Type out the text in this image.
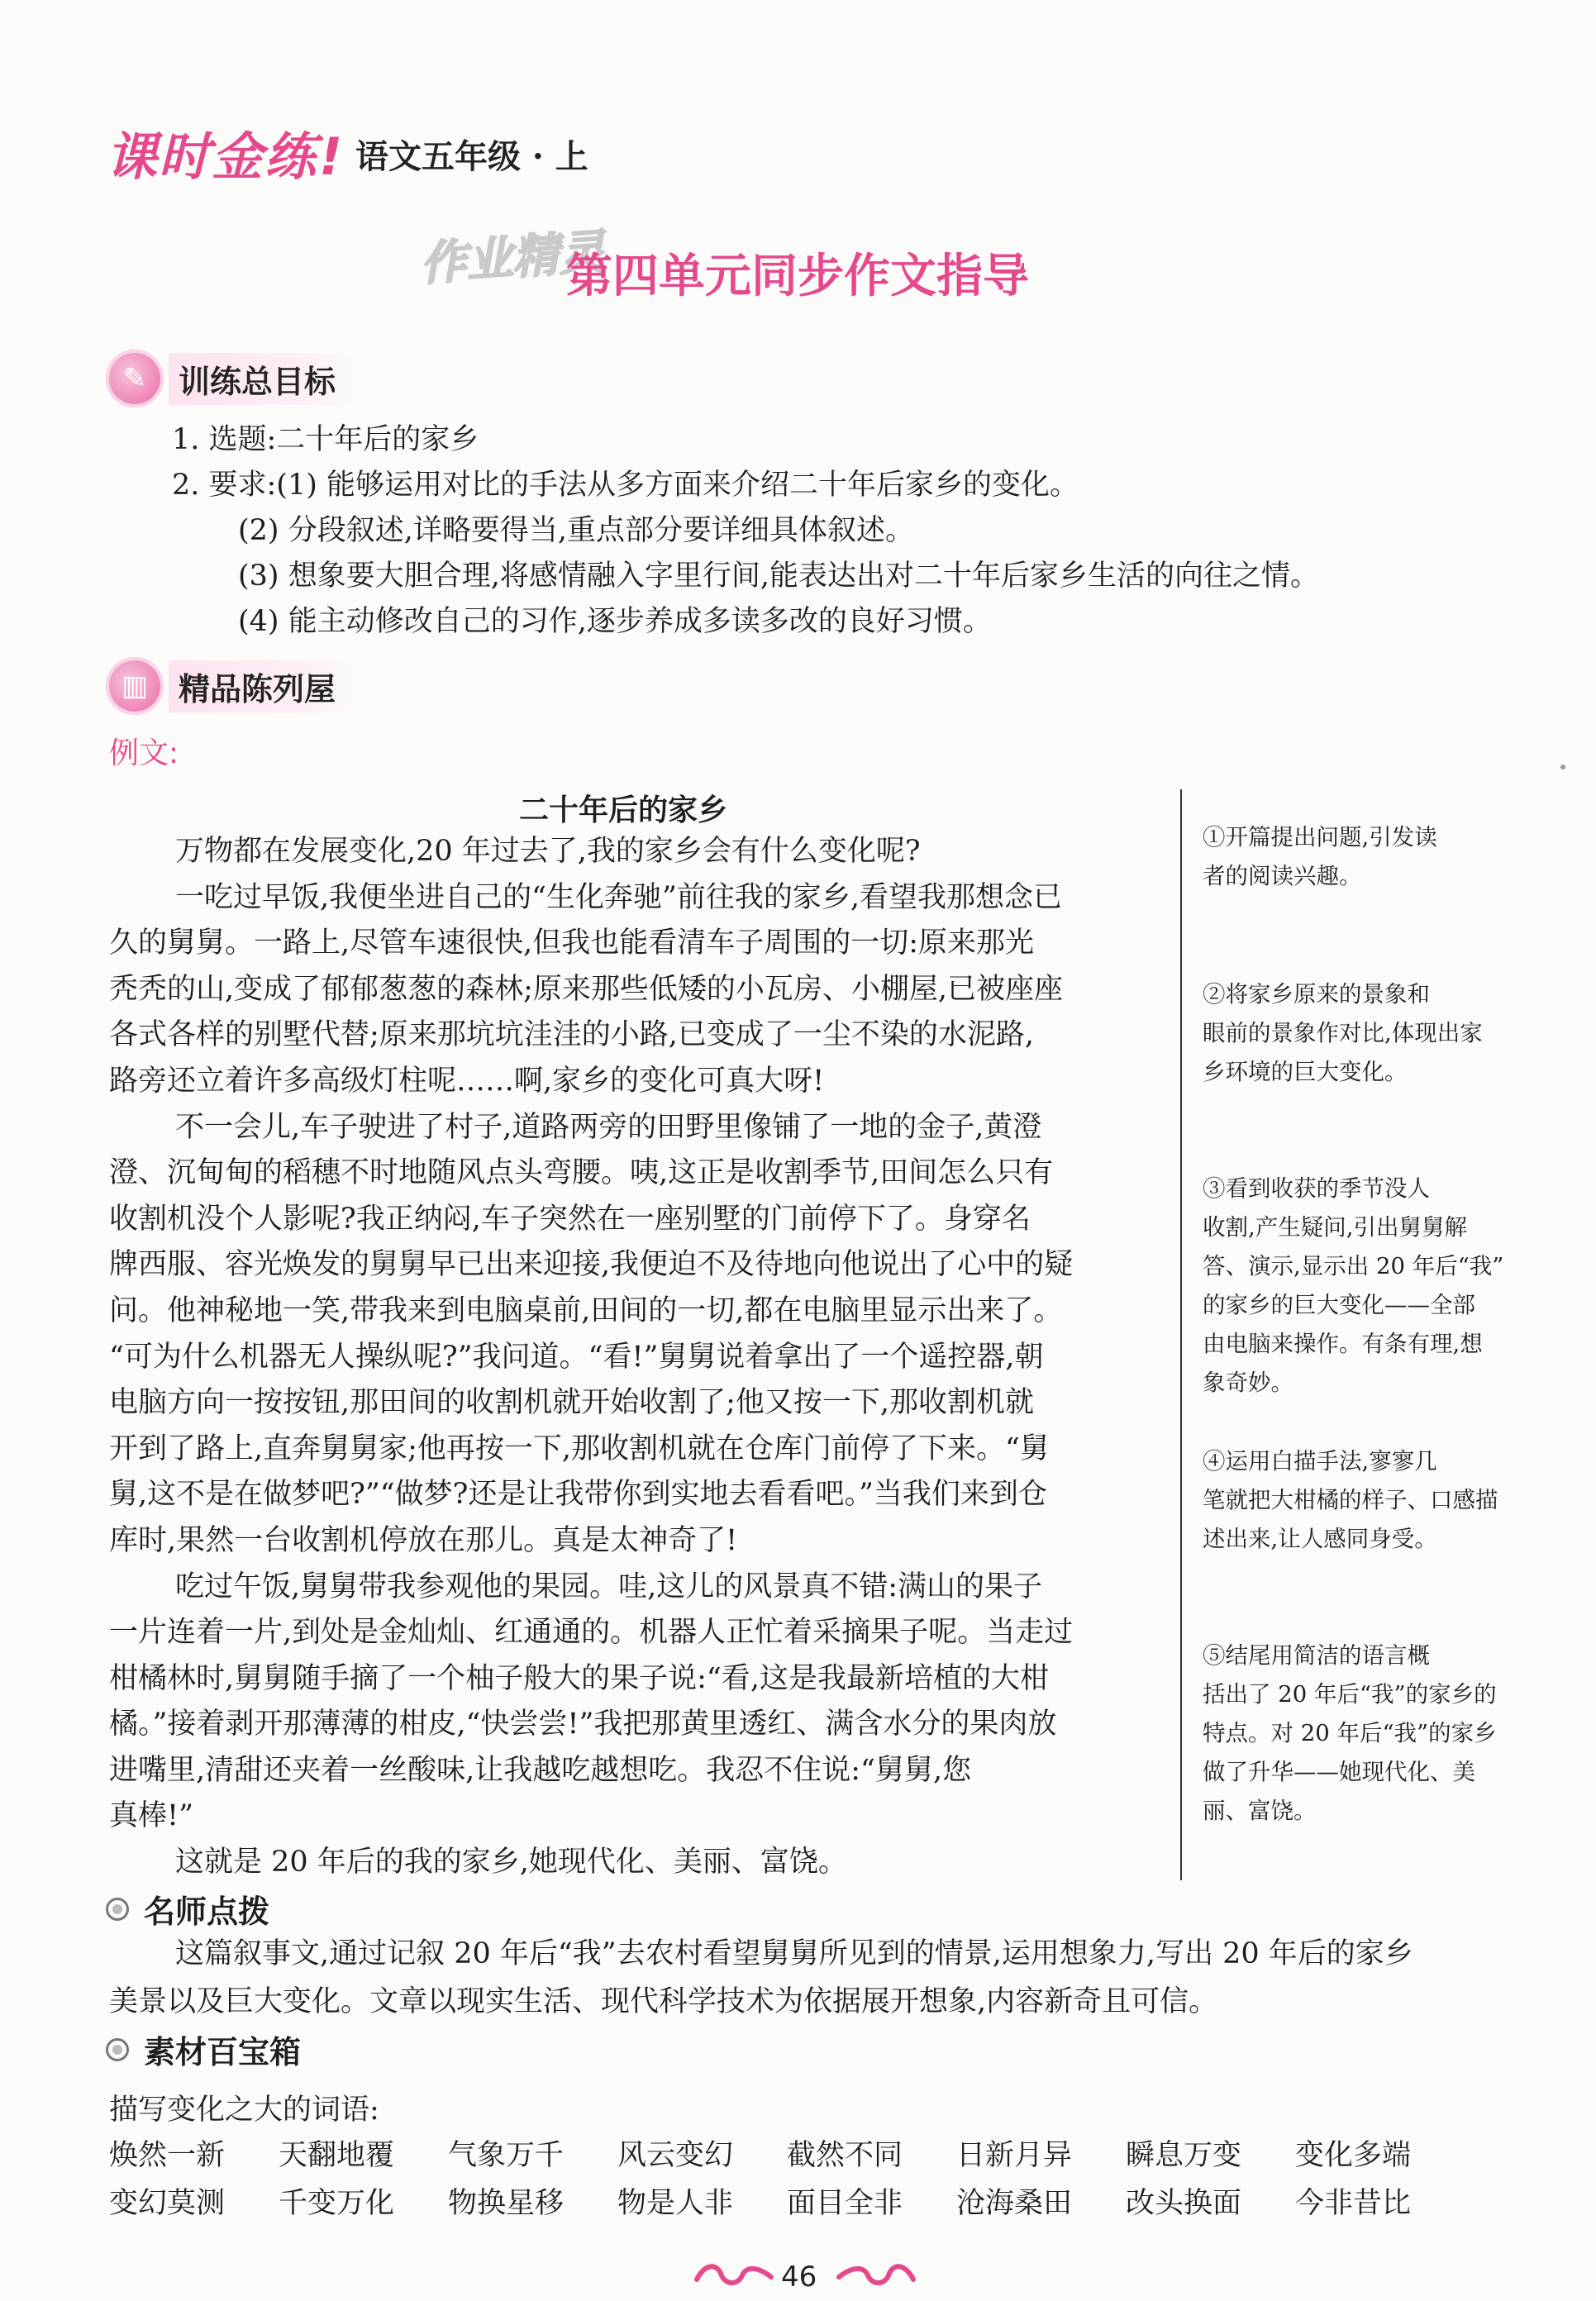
课时金练! 语文五年级 · 上
作业精灵
第四单元同步作文指导
✎	训练总目标
1. 选题:二十年后的家乡
2. 要求:(1) 能够运用对比的手法从多方面来介绍二十年后家乡的变化。
(2) 分段叙述,详略要得当,重点部分要详细具体叙述。
(3) 想象要大胆合理,将感情融入字里行间,能表达出对二十年后家乡生活的向往之情。
(4) 能主动修改自己的习作,逐步养成多读多改的良好习惯。
▥ 精品陈列屋
例文:
二十年后的家乡
万物都在发展变化,20 年过去了,我的家乡会有什么变化呢?
一吃过早饭,我便坐进自己的“生化奔驰”前往我的家乡,看望我那想念已
久的舅舅。一路上,尽管车速很快,但我也能看清车子周围的一切:原来那光
秃秃的山,变成了郁郁葱葱的森林;原来那些低矮的小瓦房、小棚屋,已被座座
各式各样的别墅代替;原来那坑坑洼洼的小路,已变成了一尘不染的水泥路,
路旁还立着许多高级灯柱呢……啊,家乡的变化可真大呀!
不一会儿,车子驶进了村子,道路两旁的田野里像铺了一地的金子,黄澄
澄、沉甸甸的稻穗不时地随风点头弯腰。咦,这正是收割季节,田间怎么只有
收割机没个人影呢?我正纳闷,车子突然在一座别墅的门前停下了。身穿名
牌西服、容光焕发的舅舅早已出来迎接,我便迫不及待地向他说出了心中的疑
问。他神秘地一笑,带我来到电脑桌前,田间的一切,都在电脑里显示出来了。
“可为什么机器无人操纵呢?”我问道。“看!”舅舅说着拿出了一个遥控器,朝
电脑方向一按按钮,那田间的收割机就开始收割了;他又按一下,那收割机就
开到了路上,直奔舅舅家;他再按一下,那收割机就在仓库门前停了下来。“舅
舅,这不是在做梦吧?”“做梦?还是让我带你到实地去看看吧。”当我们来到仓
库时,果然一台收割机停放在那儿。真是太神奇了!
吃过午饭,舅舅带我参观他的果园。哇,这儿的风景真不错:满山的果子
一片连着一片,到处是金灿灿、红通通的。机器人正忙着采摘果子呢。当走过
柑橘林时,舅舅随手摘了一个柚子般大的果子说:“看,这是我最新培植的大柑
橘。”接着剥开那薄薄的柑皮,“快尝尝!”我把那黄里透红、满含水分的果肉放
进嘴里,清甜还夹着一丝酸味,让我越吃越想吃。我忍不住说:“舅舅,您
真棒!”
这就是 20 年后的我的家乡,她现代化、美丽、富饶。
①开篇提出问题,引发读
者的阅读兴趣。
②将家乡原来的景象和
眼前的景象作对比,体现出家
乡环境的巨大变化。
③看到收获的季节没人
收割,产生疑问,引出舅舅解
答、演示,显示出 20 年后“我”
的家乡的巨大变化——全部
由电脑来操作。有条有理,想
象奇妙。
④运用白描手法,寥寥几
笔就把大柑橘的样子、口感描
述出来,让人感同身受。
⑤结尾用简洁的语言概
括出了 20 年后“我”的家乡的
特点。对 20 年后“我”的家乡
做了升华——她现代化、美
丽、富饶。
名师点拨
这篇叙事文,通过记叙 20 年后“我”去农村看望舅舅所见到的情景,运用想象力,写出 20 年后的家乡
美景以及巨大变化。文章以现实生活、现代科学技术为依据展开想象,内容新奇且可信。
素材百宝箱
描写变化之大的词语:
焕然一新	天翻地覆	气象万千	风云变幻	截然不同	日新月异	瞬息万变	变化多端
变幻莫测	千变万化	物换星移	物是人非	面目全非	沧海桑田	改头换面	今非昔比
46
